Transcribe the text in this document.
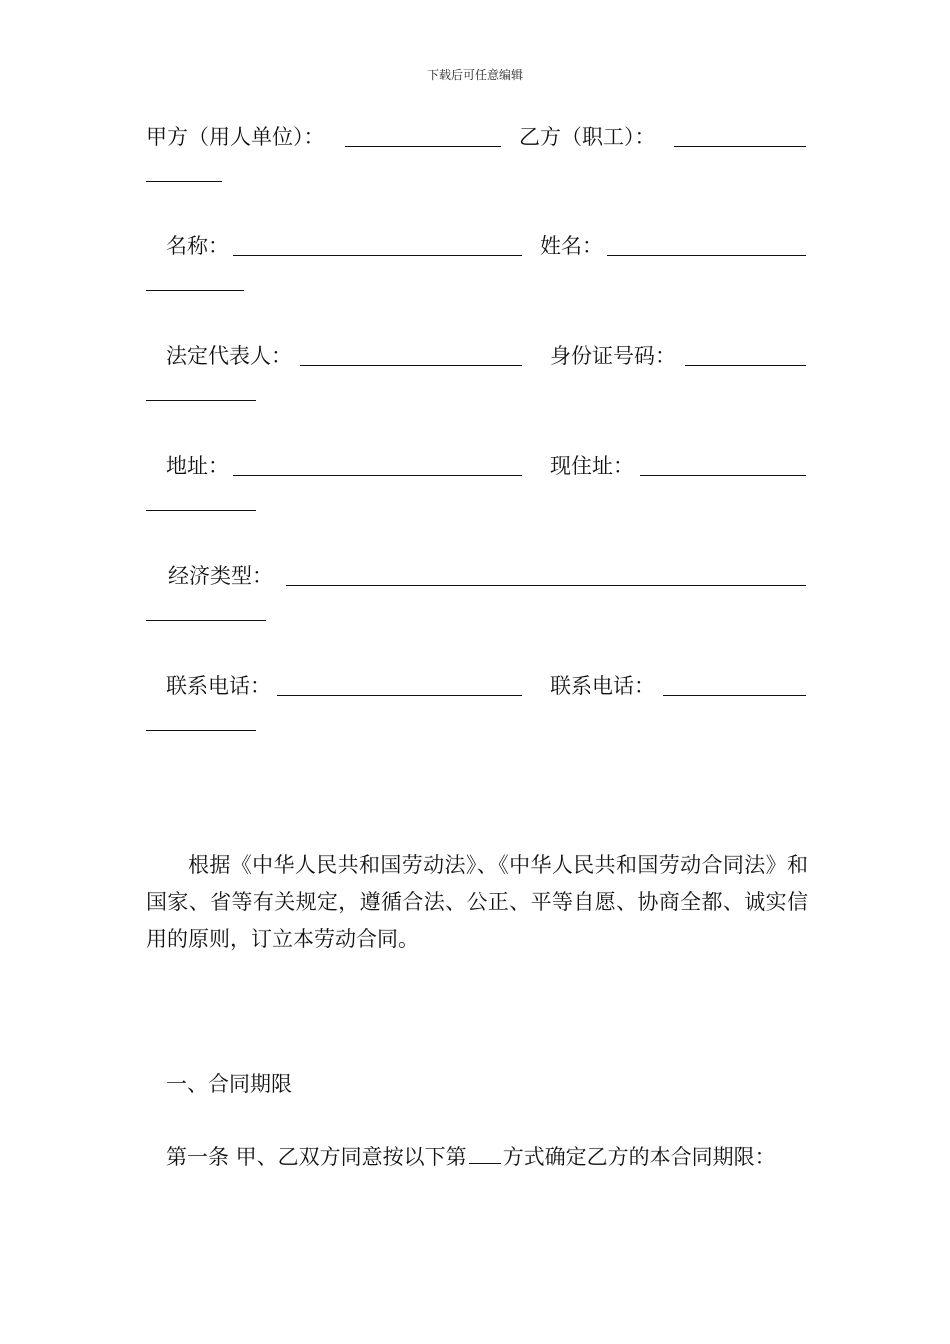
下载后可任意编辑
甲方（用人单位）：	乙方（职工）：
名称：	姓名：
法定代表人：	身份证号码：
地址：	现住址：
经济类型：
联系电话：	联系电话：
根据《中华人民共和国劳动法》、《中华人民共和国劳动合同法》和国家、省等有关规定，遵循合法、公正、平等自愿、协商全都、诚实信用的原则，订立本劳动合同。
一、合同期限
第一条 甲、乙双方同意按以下第 方式确定乙方的本合同期限：
